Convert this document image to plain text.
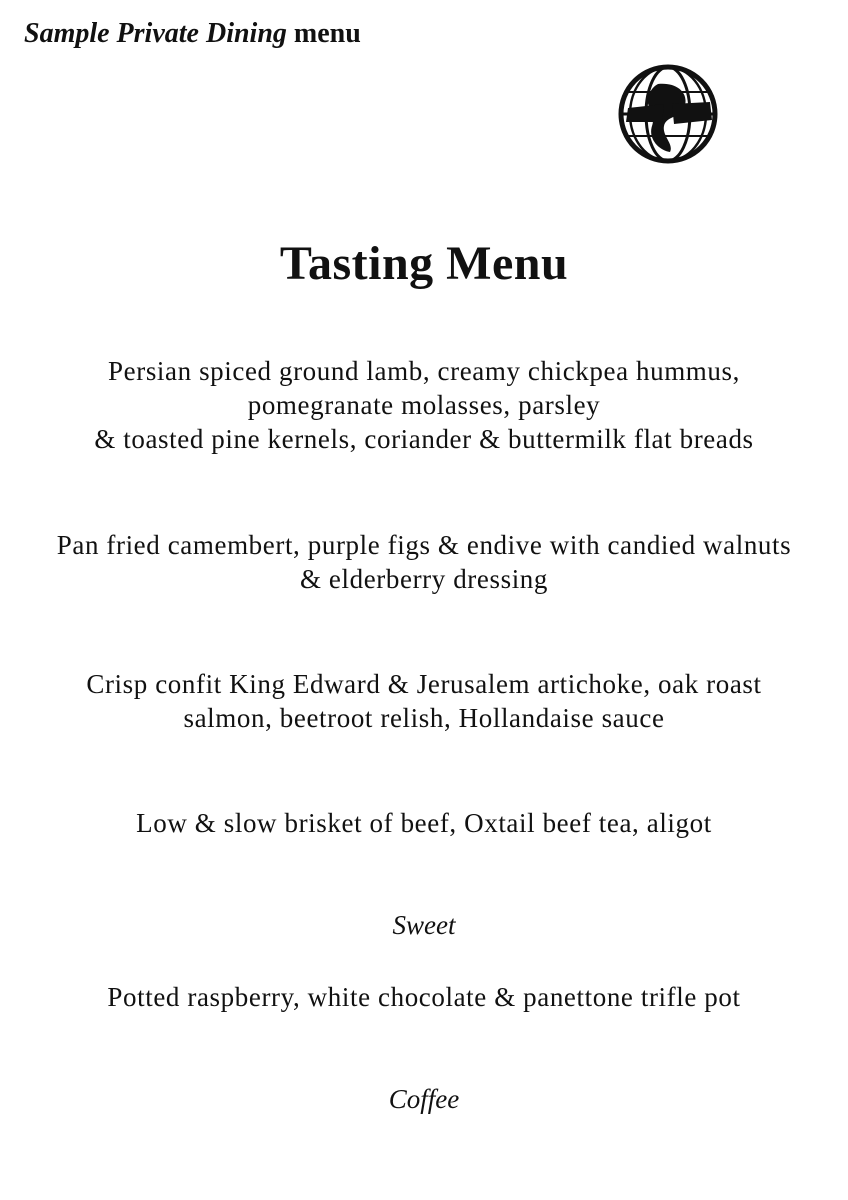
Sample Private Dining menu
Tasting Menu
Persian spiced ground lamb, creamy chickpea hummus,
pomegranate molasses, parsley
& toasted pine kernels, coriander & buttermilk flat breads
Pan fried camembert, purple figs & endive with candied walnuts
& elderberry dressing
Crisp confit King Edward & Jerusalem artichoke, oak roast
salmon, beetroot relish, Hollandaise sauce
Low & slow brisket of beef, Oxtail beef tea, aligot
Sweet
Potted raspberry, white chocolate & panettone trifle pot
Coffee
